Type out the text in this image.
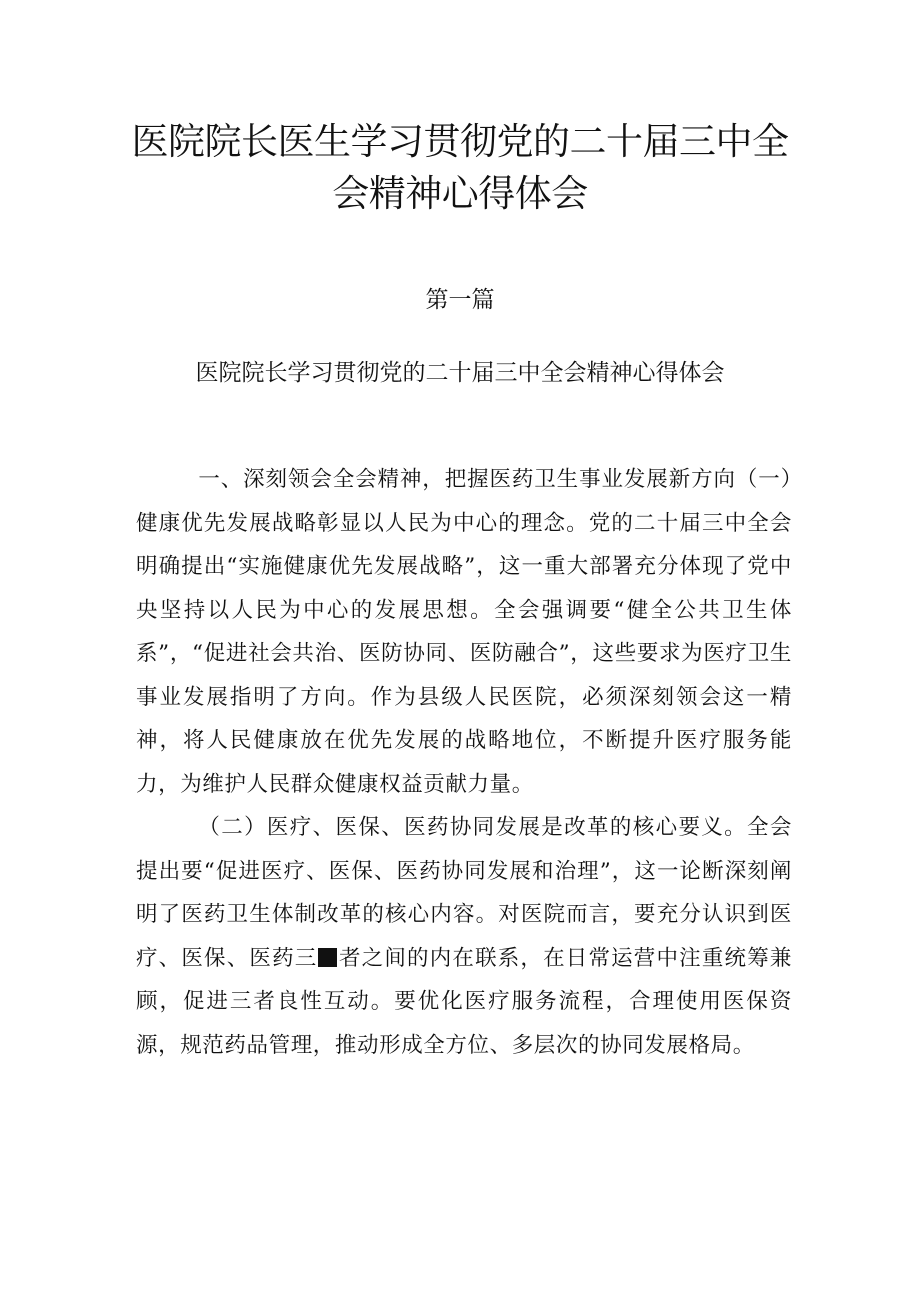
医院院长医生学习贯彻党的二十届三中全
会精神心得体会
第一篇
医院院长学习贯彻党的二十届三中全会精神心得体会

一、深刻领会全会精神，把握医药卫生事业发展新方向（一）健康优先发展战略彰显以人民为中心的理念。党的二十届三中全会明确提出“实施健康优先发展战略”，这一重大部署充分体现了党中央坚持以人民为中心的发展思想。全会强调要“健全公共卫生体系”，“促进社会共治、医防协同、医防融合”，这些要求为医疗卫生事业发展指明了方向。作为县级人民医院，必须深刻领会这一精神，将人民健康放在优先发展的战略地位，不断提升医疗服务能力，为维护人民群众健康权益贡献力量。

（二）医疗、医保、医药协同发展是改革的核心要义。全会提出要“促进医疗、医保、医药协同发展和治理”，这一论断深刻阐明了医药卫生体制改革的核心内容。对医院而言，要充分认识到医疗、医保、医药三 者之间的内在联系，在日常运营中注重统筹兼顾，促进三者良性互动。要优化医疗服务流程，合理使用医保资源，规范药品管理，推动形成全方位、多层次的协同发展格局。
